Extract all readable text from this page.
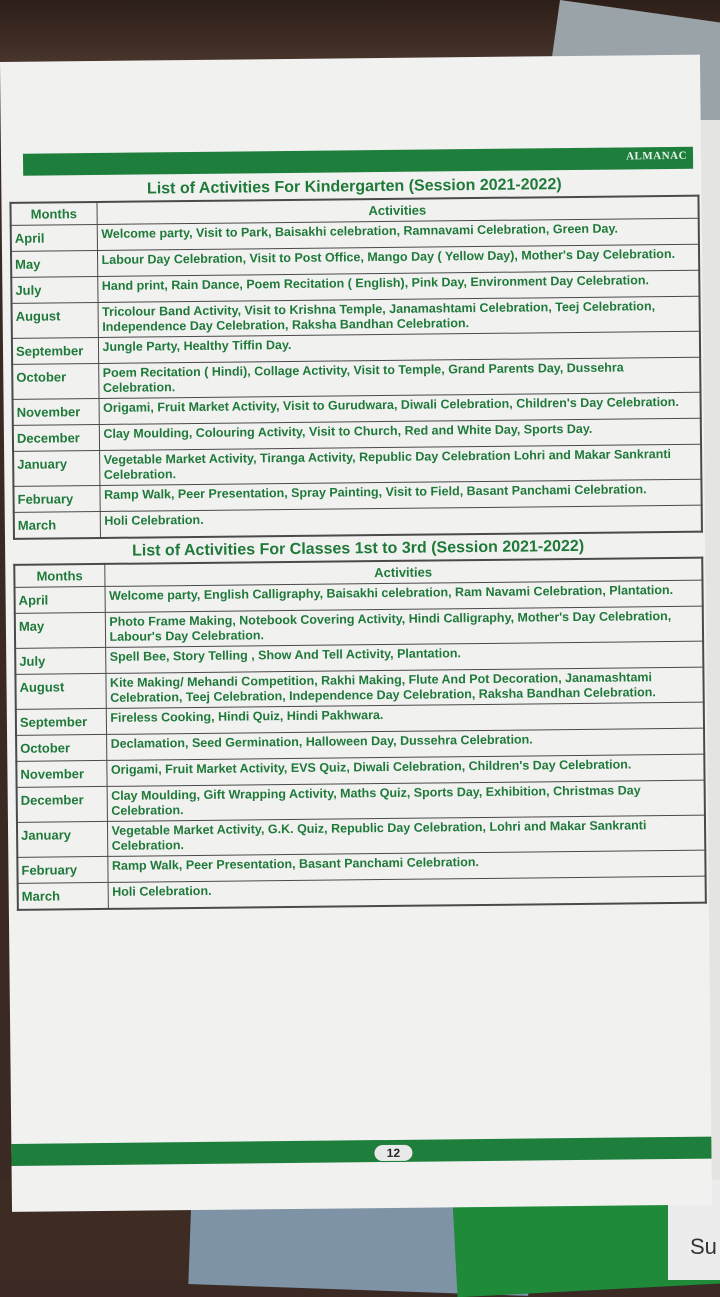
Su
ALMANAC
List of Activities For Kindergarten (Session 2021-2022)
Months	Activities
April	Welcome party, Visit to Park, Baisakhi celebration, Ramnavami Celebration, Green Day.
May	Labour Day Celebration, Visit to Post Office, Mango Day ( Yellow Day), Mother's Day Celebration.
July	Hand print, Rain Dance, Poem Recitation ( English), Pink Day, Environment Day Celebration.
August	Tricolour Band Activity, Visit to Krishna Temple, Janamashtami Celebration, Teej Celebration, Independence Day Celebration, Raksha Bandhan Celebration.
September	Jungle Party, Healthy Tiffin Day.
October	Poem Recitation ( Hindi), Collage Activity, Visit to Temple, Grand Parents Day, Dussehra Celebration.
November	Origami, Fruit Market Activity, Visit to Gurudwara, Diwali Celebration, Children's Day Celebration.
December	Clay Moulding, Colouring Activity, Visit to Church, Red and White Day, Sports Day.
January	Vegetable Market Activity, Tiranga Activity, Republic Day Celebration Lohri and Makar Sankranti Celebration.
February	Ramp Walk, Peer Presentation, Spray Painting, Visit to Field, Basant Panchami Celebration.
March	Holi Celebration.
List of Activities For Classes 1st to 3rd (Session 2021-2022)
Months	Activities
April	Welcome party, English Calligraphy, Baisakhi celebration, Ram Navami Celebration, Plantation.
May	Photo Frame Making, Notebook Covering Activity, Hindi Calligraphy, Mother's Day Celebration, Labour's Day Celebration.
July	Spell Bee, Story Telling , Show And Tell Activity, Plantation.
August	Kite Making/ Mehandi Competition, Rakhi Making, Flute And Pot Decoration, Janamashtami Celebration, Teej Celebration, Independence Day Celebration, Raksha Bandhan Celebration.
September	Fireless Cooking, Hindi Quiz, Hindi Pakhwara.
October	Declamation, Seed Germination, Halloween Day, Dussehra Celebration.
November	Origami, Fruit Market Activity, EVS Quiz, Diwali Celebration, Children's Day Celebration.
December	Clay Moulding, Gift Wrapping Activity, Maths Quiz, Sports Day, Exhibition, Christmas Day Celebration.
January	Vegetable Market Activity, G.K. Quiz, Republic Day Celebration, Lohri and Makar Sankranti Celebration.
February	Ramp Walk, Peer Presentation, Basant Panchami Celebration.
March	Holi Celebration.
12
